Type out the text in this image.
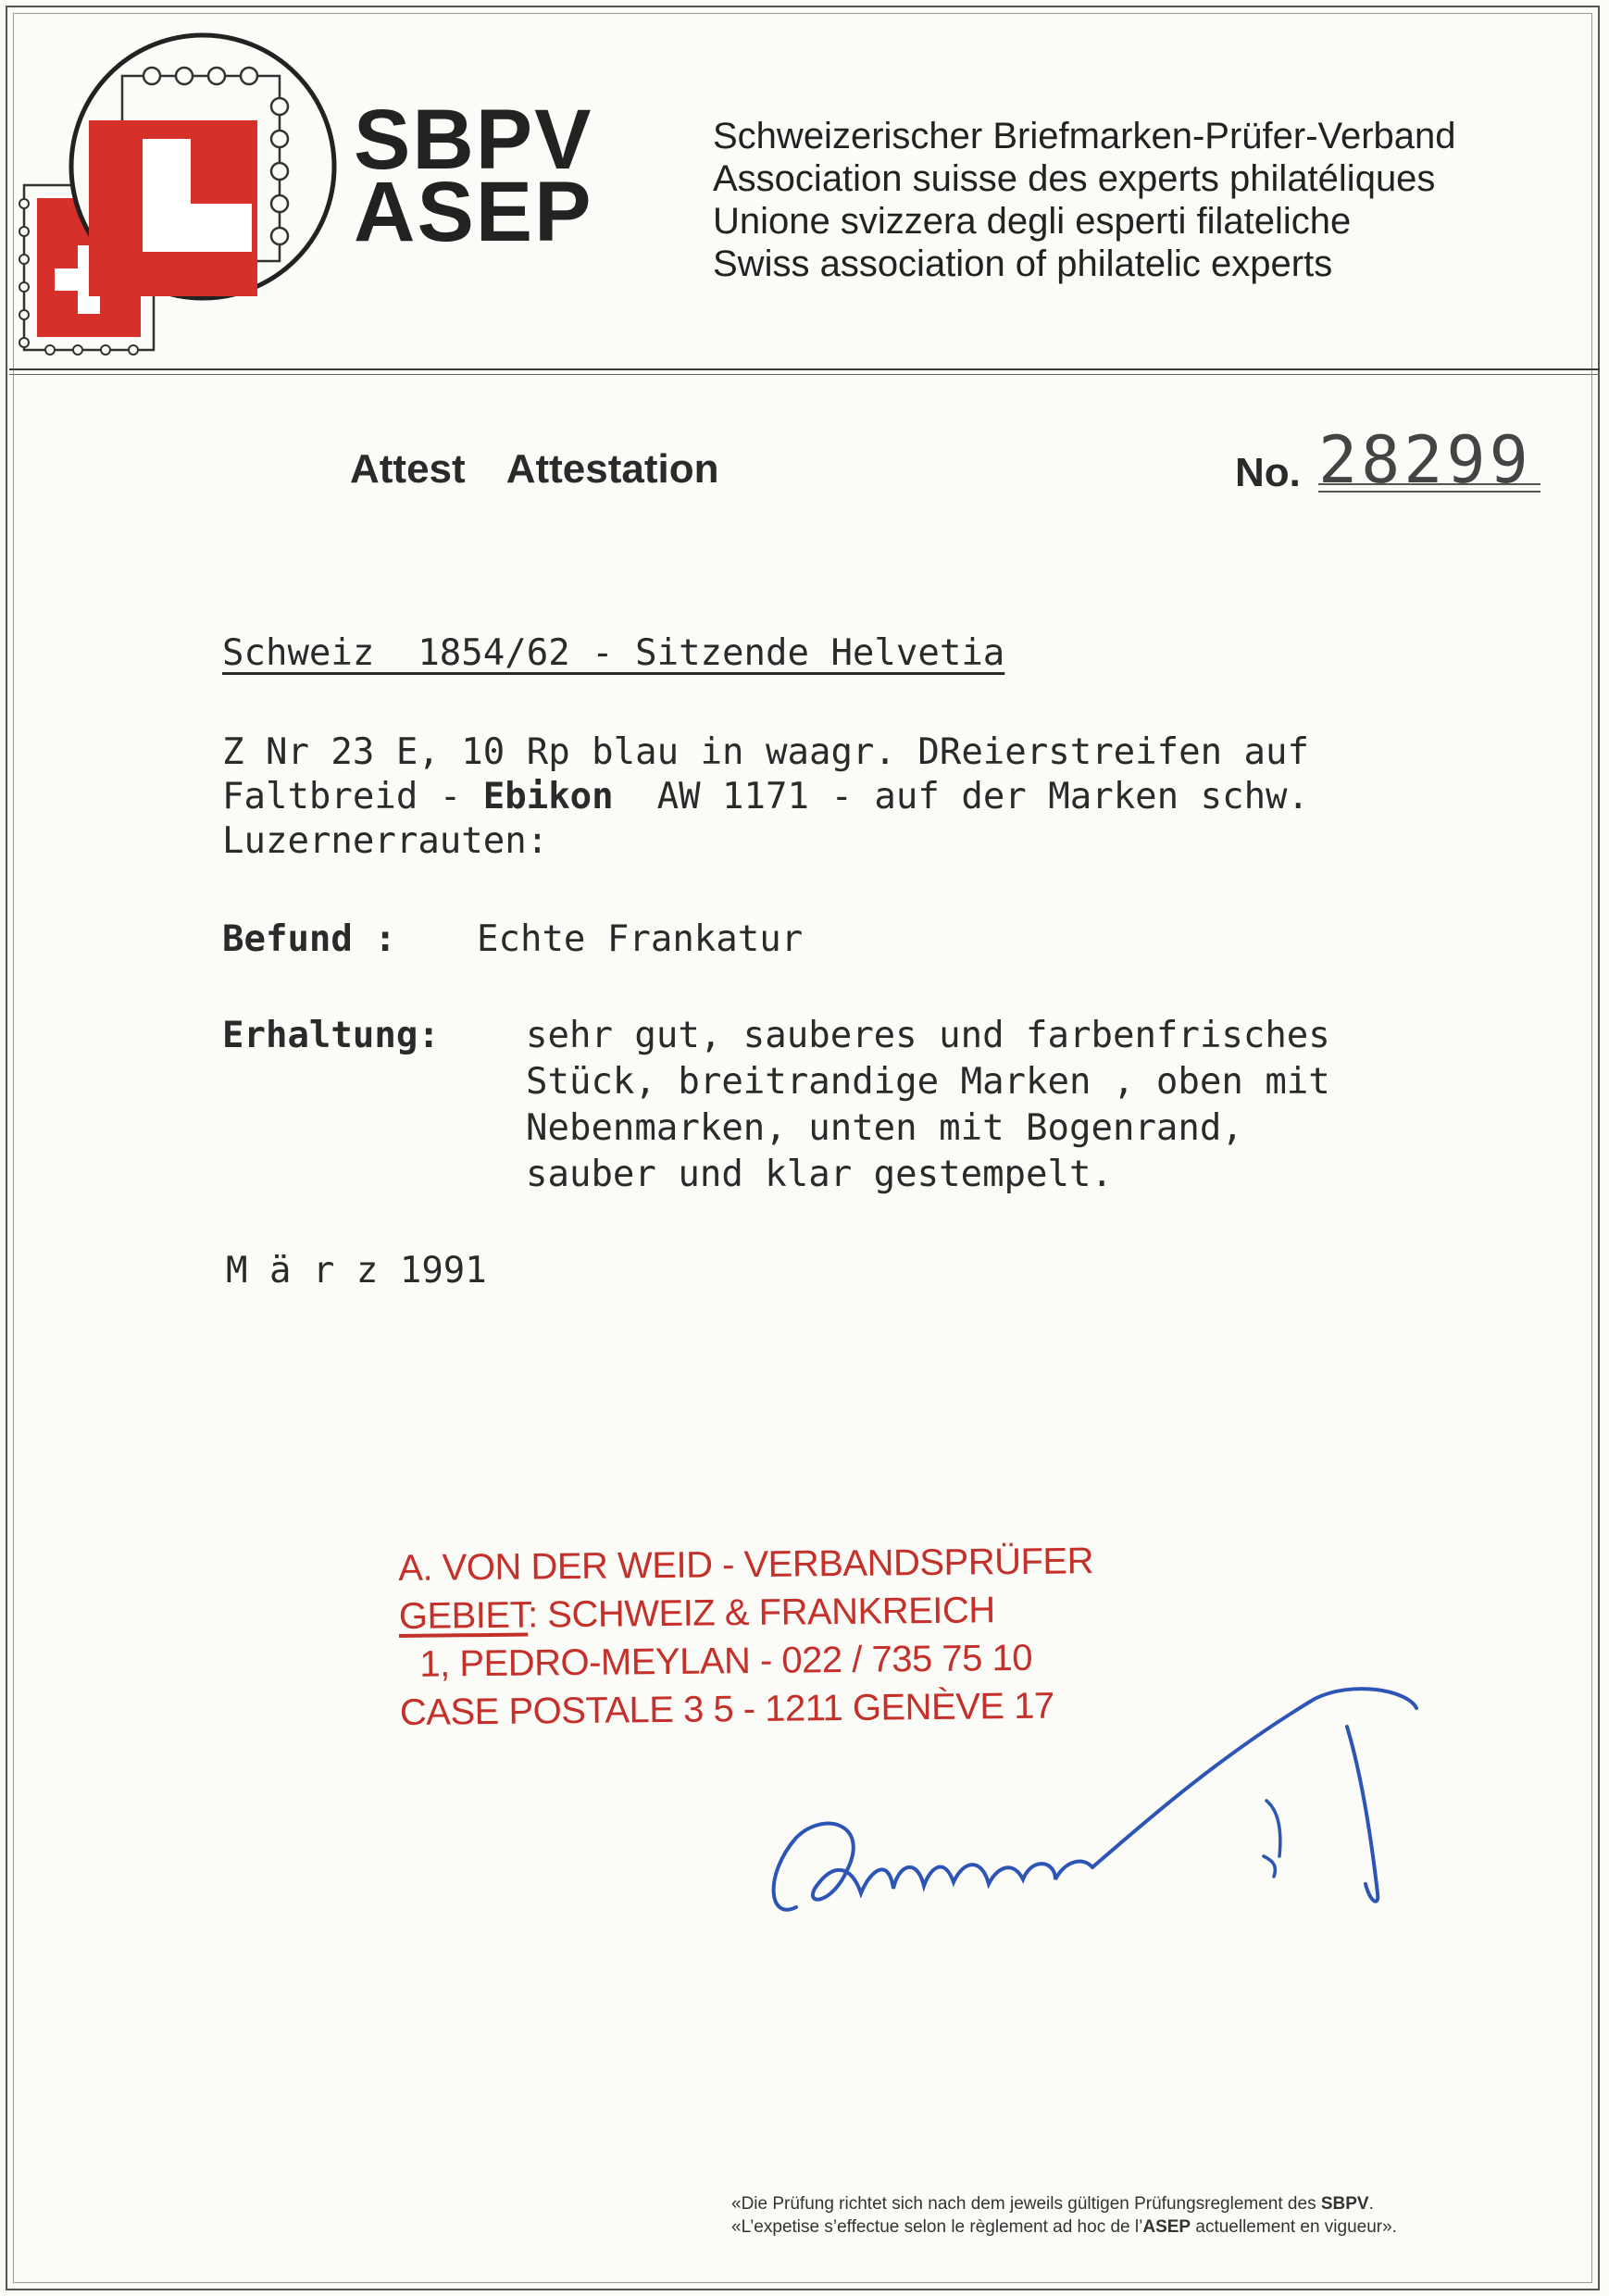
SBPV
ASEP
Schweizerischer Briefmarken-Prüfer-Verband
Association suisse des experts philatéliques
Unione svizzera degli esperti filateliche
Swiss association of philatelic experts
Attest Attestation	No. 28299
Schweiz  1854/62 - Sitzende Helvetia
Z Nr 23 E, 10 Rp blau in waagr. DReierstreifen auf
Faltbreid - Ebikon  AW 1171 - auf der Marken schw.
Luzernerrauten:
Befund : Echte Frankatur
Erhaltung: sehr gut, sauberes und farbenfrisches
Stück, breitrandige Marken , oben mit
Nebenmarken, unten mit Bogenrand,
sauber und klar gestempelt.
M ä r z 1991
A. VON DER WEID - VERBANDSPRÜFER
GEBIET: SCHWEIZ & FRANKREICH
1, PEDRO-MEYLAN - 022 / 735 75 10
CASE POSTALE 3 5 - 1211 GENÈVE 17
«Die Prüfung richtet sich nach dem jeweils gültigen Prüfungsreglement des SBPV.
«L’expetise s’effectue selon le règlement ad hoc de l’ASEP actuellement en vigueur».
